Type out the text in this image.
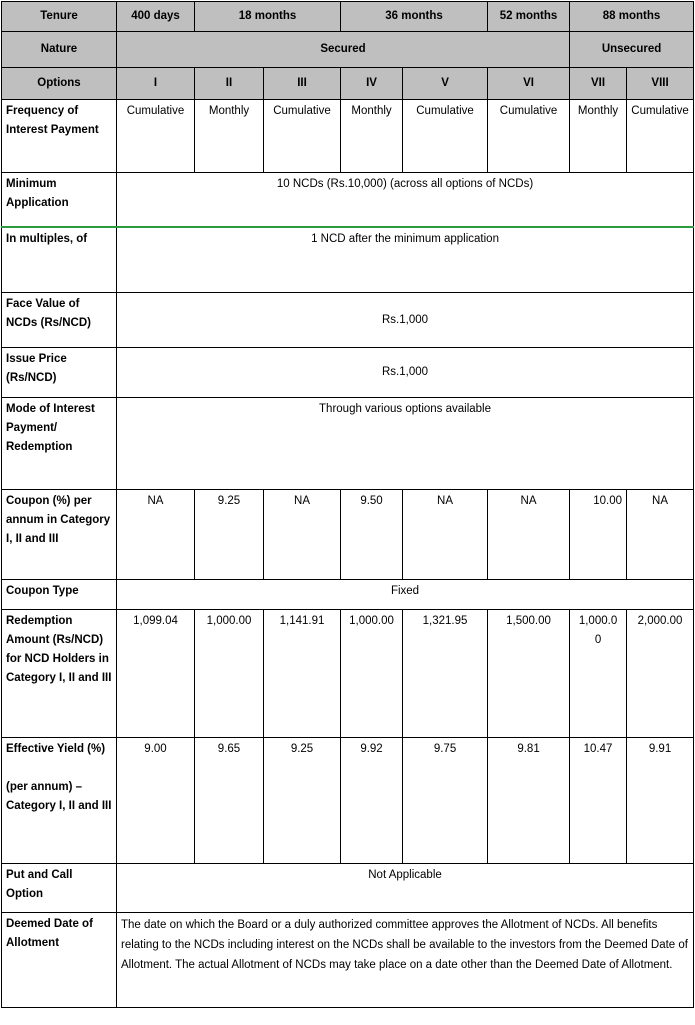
Tenure	400 days	18 months		36 months		52 months	88 months	
Nature	Secured						Unsecured	
Options	I	II	III	IV	V	VI	VII	VIII
Frequency of Interest Payment	Cumulative	Monthly	Cumulative	Monthly	Cumulative	Cumulative	Monthly	Cumulative
Minimum Application	10 NCDs (Rs.10,000) (across all options of NCDs)							
In multiples, of	1 NCD after the minimum application							
Face Value of NCDs (Rs/NCD)	Rs.1,000							
Issue Price (Rs/NCD)	Rs.1,000							
Mode of Interest Payment/ Redemption	Through various options available							
Coupon (%) per annum in Category I, II and III	NA	9.25	NA	9.50	NA	NA	10.00	NA
Coupon Type	Fixed							
Redemption Amount (Rs/NCD) for NCD Holders in Category I, II and III	1,099.04	1,000.00	1,141.91	1,000.00	1,321.95	1,500.00	1,000.0 0	2,000.00

Effective Yield (%)
(per annum) – Category I, II and III	9.00	9.65	9.25	9.92	9.75	9.81	10.47	9.91
Put and Call Option	Not Applicable							
Deemed Date of Allotment	The date on which the Board or a duly authorized committee approves the Allotment of NCDs. All benefits relating to the NCDs including interest on the NCDs shall be available to the investors from the Deemed Date of Allotment. The actual Allotment of NCDs may take place on a date other than the Deemed Date of Allotment.							
